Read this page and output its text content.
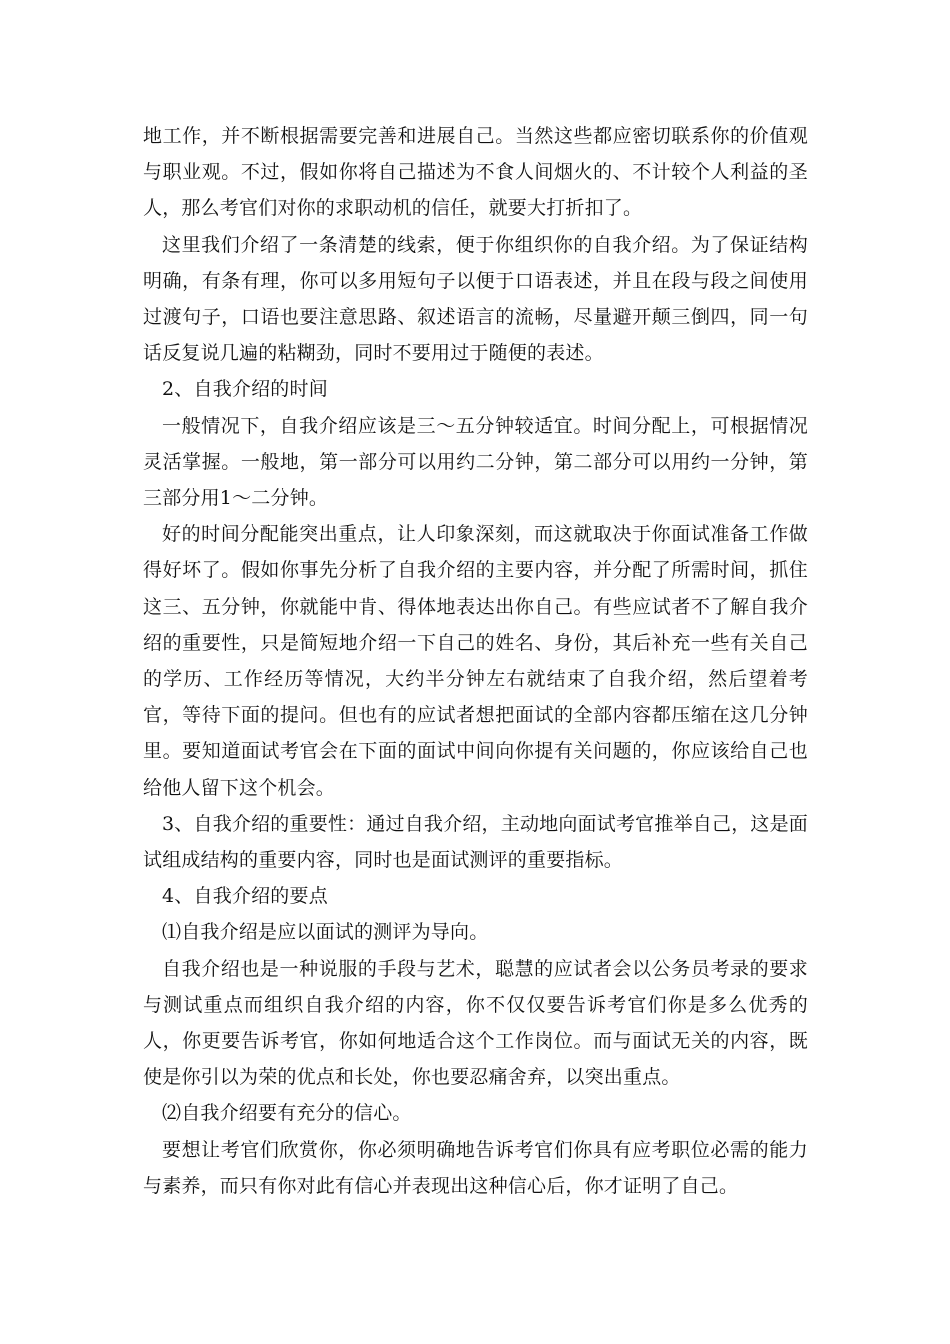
地工作，并不断根据需要完善和进展自己。当然这些都应密切联系你的价值观与职业观。不过，假如你将自己描述为不食人间烟火的、不计较个人利益的圣人，那么考官们对你的求职动机的信任，就要大打折扣了。

这里我们介绍了一条清楚的线索，便于你组织你的自我介绍。为了保证结构明确，有条有理，你可以多用短句子以便于口语表述，并且在段与段之间使用过渡句子，口语也要注意思路、叙述语言的流畅，尽量避开颠三倒四，同一句话反复说几遍的粘糊劲，同时不要用过于随便的表述。

2、自我介绍的时间

一般情况下，自我介绍应该是三～五分钟较适宜。时间分配上，可根据情况灵活掌握。一般地，第一部分可以用约二分钟，第二部分可以用约一分钟，第三部分用1～二分钟。

好的时间分配能突出重点，让人印象深刻，而这就取决于你面试准备工作做得好坏了。假如你事先分析了自我介绍的主要内容，并分配了所需时间，抓住这三、五分钟，你就能中肯、得体地表达出你自己。有些应试者不了解自我介绍的重要性，只是简短地介绍一下自己的姓名、身份，其后补充一些有关自己的学历、工作经历等情况，大约半分钟左右就结束了自我介绍，然后望着考官，等待下面的提问。但也有的应试者想把面试的全部内容都压缩在这几分钟里。要知道面试考官会在下面的面试中间向你提有关问题的，你应该给自己也给他人留下这个机会。

3、自我介绍的重要性：通过自我介绍，主动地向面试考官推举自己，这是面试组成结构的重要内容，同时也是面试测评的重要指标。

4、自我介绍的要点

⑴自我介绍是应以面试的测评为导向。

自我介绍也是一种说服的手段与艺术，聪慧的应试者会以公务员考录的要求与测试重点而组织自我介绍的内容，你不仅仅要告诉考官们你是多么优秀的人，你更要告诉考官，你如何地适合这个工作岗位。而与面试无关的内容，既使是你引以为荣的优点和长处，你也要忍痛舍弃，以突出重点。

⑵自我介绍要有充分的信心。

要想让考官们欣赏你，你必须明确地告诉考官们你具有应考职位必需的能力与素养，而只有你对此有信心并表现出这种信心后，你才证明了自己。
